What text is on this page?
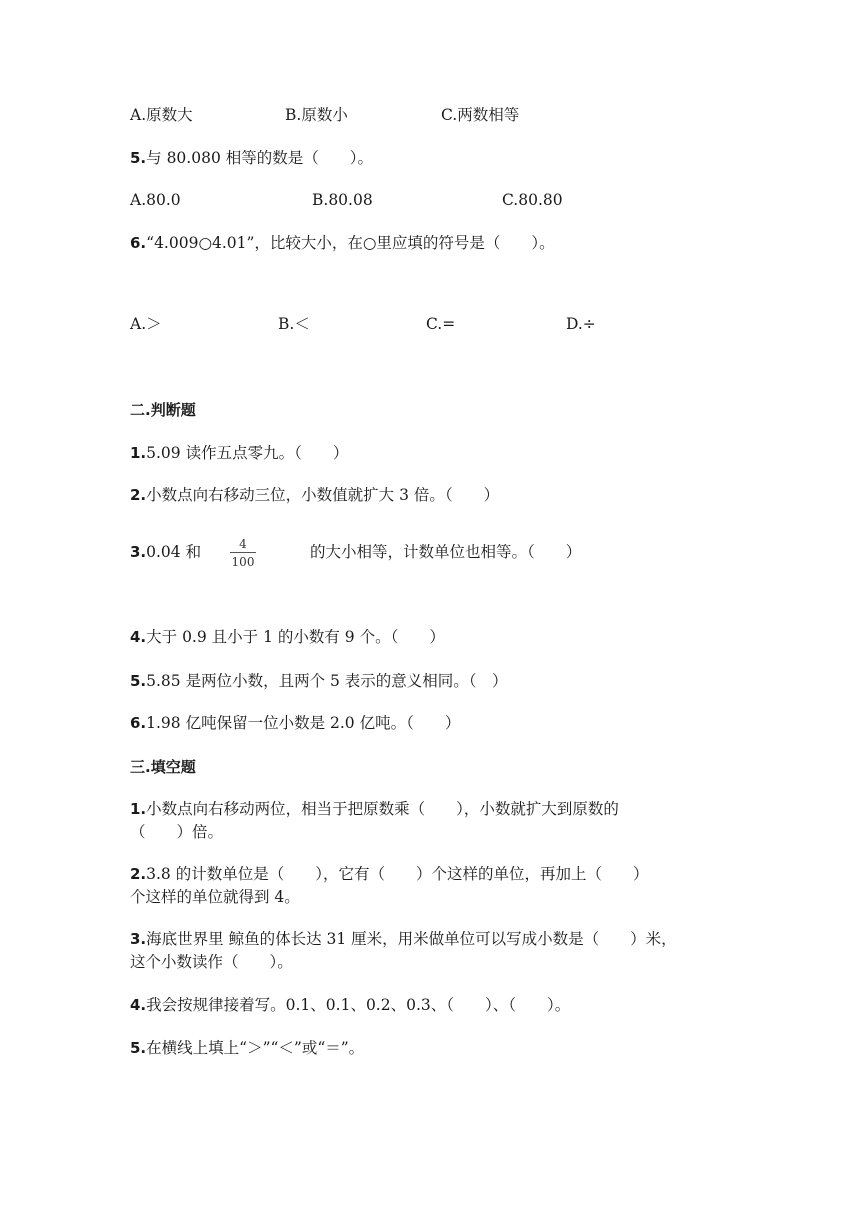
A.原数大	B.原数小	C.两数相等
5.与 80.080 相等的数是（　　）。
A.80.0	B.80.08	C.80.80
6.“4.009○4.01”，比较大小，在○里应填的符号是（　　）。
A.＞	B.＜	C.=	D.÷
二.判断题
1.5.09 读作五点零九。（　　）
2.小数点向右移动三位，小数值就扩大 3 倍。（　　）
3.0.04 和	4
100
的大小相等，计数单位也相等。（　　）
4.大于 0.9 且小于 1 的小数有 9 个。（　　）
5.5.85 是两位小数，且两个 5 表示的意义相同。（　）
6.1.98 亿吨保留一位小数是 2.0 亿吨。（　　）
三.填空题
1.小数点向右移动两位，相当于把原数乘（　　），小数就扩大到原数的
（　　）倍。
2.3.8 的计数单位是（　　），它有（　　）个这样的单位，再加上（　　）
个这样的单位就得到 4。
3.海底世界里 鲸鱼的体长达 31 厘米，用米做单位可以写成小数是（　　）米，
这个小数读作（　　）。
4.我会按规律接着写。0.1、0.1、0.2、0.3、（　　）、（　　）。
5.在横线上填上“＞”“＜”或“＝”。
